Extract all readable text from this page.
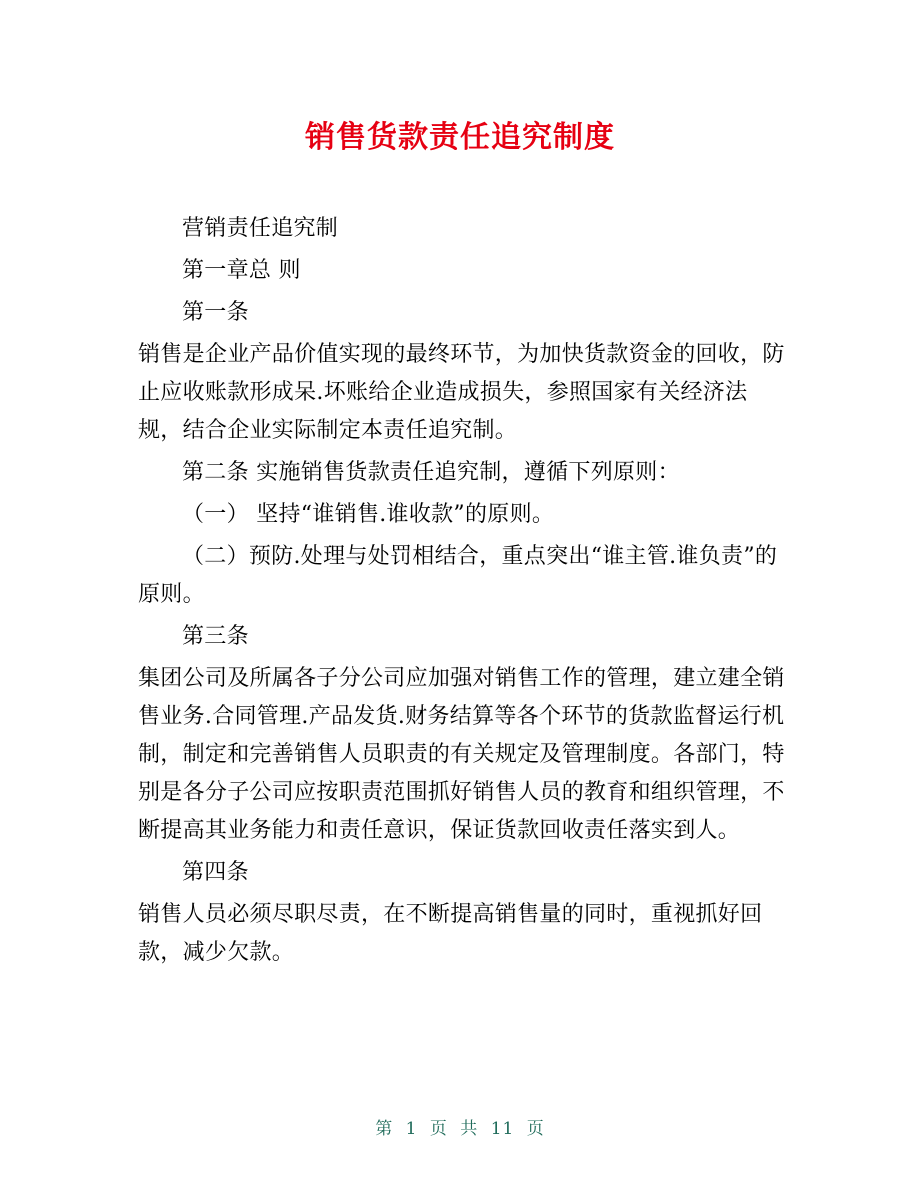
销售货款责任追究制度

营销责任追究制

第一章总 则

第一条

销售是企业产品价值实现的最终环节，为加快货款资金的回收，防止应收账款形成呆.坏账给企业造成损失，参照国家有关经济法规，结合企业实际制定本责任追究制。

第二条 实施销售货款责任追究制，遵循下列原则：

（一） 坚持“谁销售.谁收款”的原则。

（二）预防.处理与处罚相结合，重点突出“谁主管.谁负责”的原则。

第三条

集团公司及所属各子分公司应加强对销售工作的管理，建立建全销售业务.合同管理.产品发货.财务结算等各个环节的货款监督运行机制，制定和完善销售人员职责的有关规定及管理制度。各部门，特别是各分子公司应按职责范围抓好销售人员的教育和组织管理，不断提高其业务能力和责任意识，保证货款回收责任落实到人。

第四条

销售人员必须尽职尽责，在不断提高销售量的同时，重视抓好回款，减少欠款。

第 1 页 共 11 页
